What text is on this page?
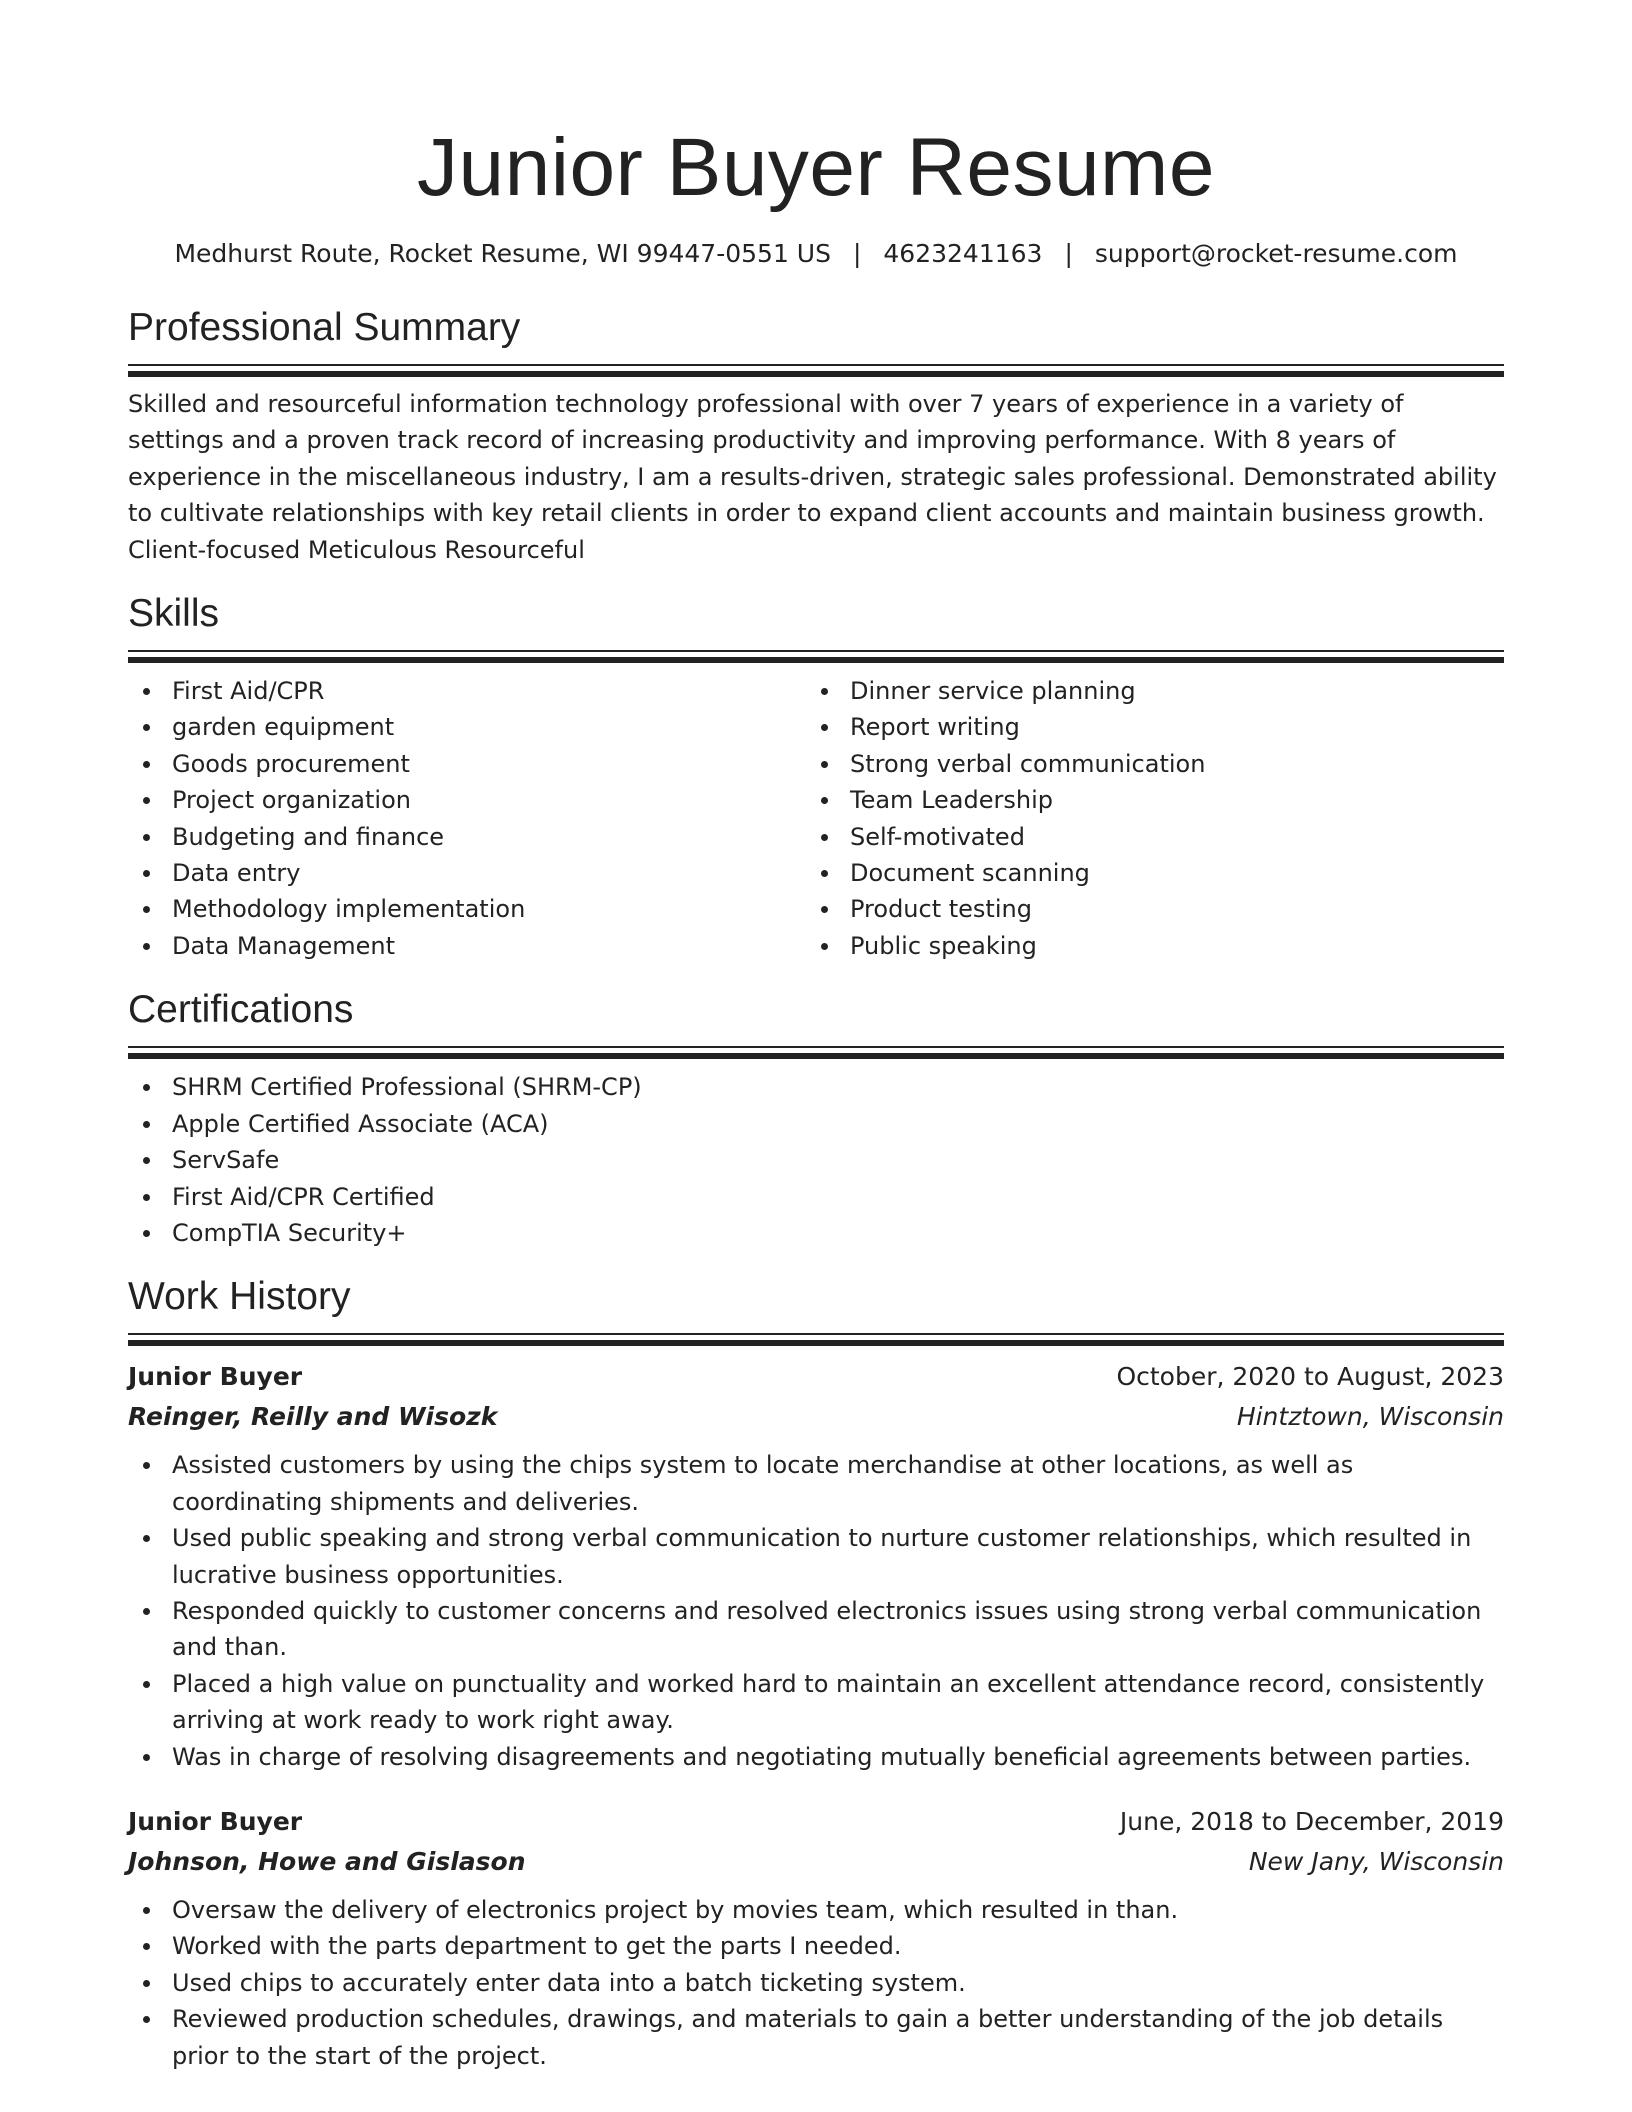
Junior Buyer Resume
Medhurst Route, Rocket Resume, WI 99447-0551 US | 4623241163 | support@rocket-resume.com
Professional Summary

Skilled and resourceful information technology professional with over 7 years of experience in a variety of settings and a proven track record of increasing productivity and improving performance. With 8 years of experience in the miscellaneous industry, I am a results-driven, strategic sales professional. Demonstrated ability to cultivate relationships with key retail clients in order to expand client accounts and maintain business growth. Client-focused Meticulous Resourceful

Skills
First Aid/CPR
garden equipment
Goods procurement
Project organization
Budgeting and finance
Data entry
Methodology implementation
Data Management
Dinner service planning
Report writing
Strong verbal communication
Team Leadership
Self-motivated
Document scanning
Product testing
Public speaking
Certifications
SHRM Certified Professional (SHRM-CP)
Apple Certified Associate (ACA)
ServSafe
First Aid/CPR Certified
CompTIA Security+
Work History
Junior Buyer	October, 2020 to August, 2023
Reinger, Reilly and Wisozk	Hintztown, Wisconsin
Assisted customers by using the chips system to locate merchandise at other locations, as well as coordinating shipments and deliveries.
Used public speaking and strong verbal communication to nurture customer relationships, which resulted in lucrative business opportunities.
Responded quickly to customer concerns and resolved electronics issues using strong verbal communication and than.
Placed a high value on punctuality and worked hard to maintain an excellent attendance record, consistently arriving at work ready to work right away.
Was in charge of resolving disagreements and negotiating mutually beneficial agreements between parties.
Junior Buyer	June, 2018 to December, 2019
Johnson, Howe and Gislason	New Jany, Wisconsin
Oversaw the delivery of electronics project by movies team, which resulted in than.
Worked with the parts department to get the parts I needed.
Used chips to accurately enter data into a batch ticketing system.
Reviewed production schedules, drawings, and materials to gain a better understanding of the job details prior to the start of the project.
